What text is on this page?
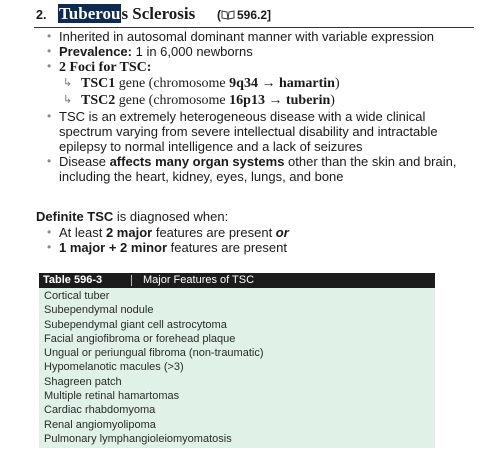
2. Tuberous Sclerosis ( 596.2]
• Inherited in autosomal dominant manner with variable expression
• Prevalence: 1 in 6,000 newborns
• 2 Foci for TSC:
↳ TSC1 gene (chromosome 9q34 → hamartin)
↳ TSC2 gene (chromosome 16p13 → tuberin)
• TSC is an extremely heterogeneous disease with a wide clinical spectrum varying from severe intellectual disability and intractable epilepsy to normal intelligence and a lack of seizures
• Disease affects many organ systems other than the skin and brain, including the heart, kidney, eyes, lungs, and bone
Definite TSC is diagnosed when:
• At least 2 major features are present or
• 1 major + 2 minor features are present
Table 596-3	Major Features of TSC
Cortical tuber
Subependymal nodule
Subependymal giant cell astrocytoma
Facial angiofibroma or forehead plaque
Ungual or periungual fibroma (non-traumatic)
Hypomelanotic macules (>3)
Shagreen patch
Multiple retinal hamartomas
Cardiac rhabdomyoma
Renal angiomyolipoma
Pulmonary lymphangioleiomyomatosis
